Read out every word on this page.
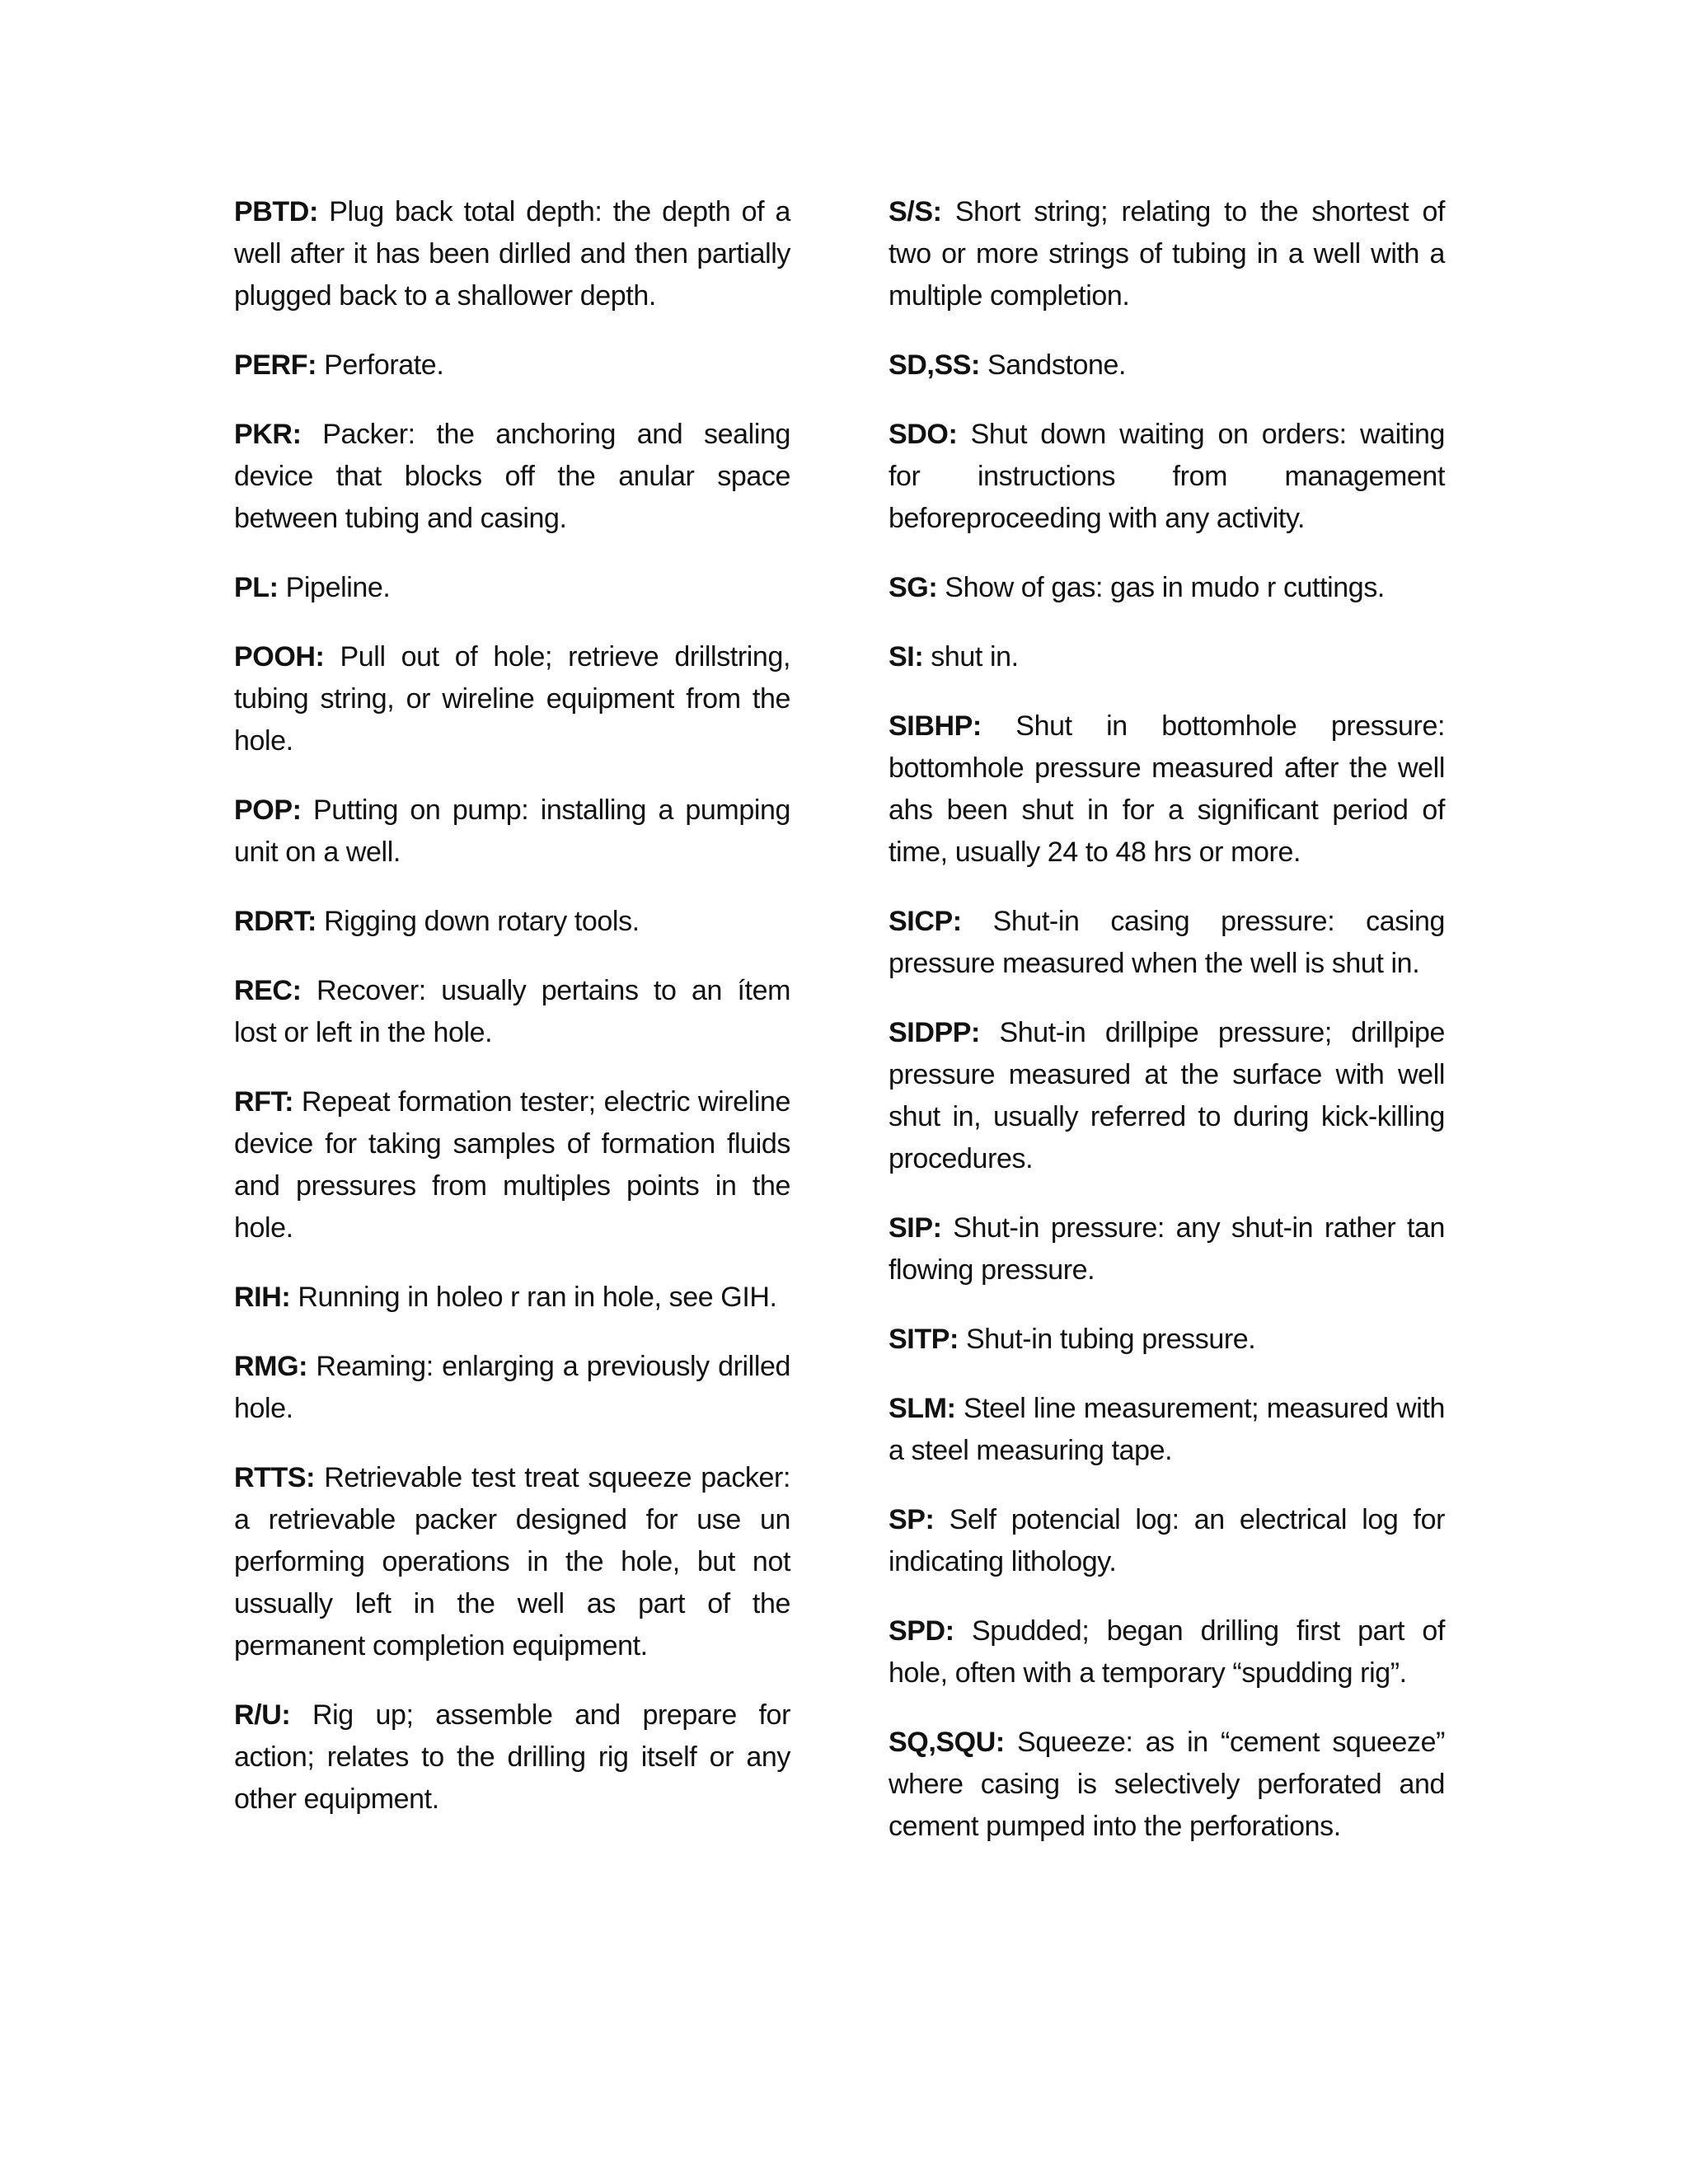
PBTD: Plug back total depth: the depth of a well after it has been dirlled and then partially plugged back to a shallower depth.

PERF: Perforate.

PKR: Packer: the anchoring and sealing device that blocks off the anular space between tubing and casing.

PL: Pipeline.

POOH: Pull out of hole; retrieve drillstring, tubing string, or wireline equipment from the hole.

POP: Putting on pump: installing a pumping unit on a well.

RDRT: Rigging down rotary tools.

REC: Recover: usually pertains to an ítem lost or left in the hole.

RFT: Repeat formation tester; electric wireline device for taking samples of formation fluids and pressures from multiples points in the hole.

RIH: Running in holeo r ran in hole, see GIH.

RMG: Reaming: enlarging a previously drilled hole.

RTTS: Retrievable test treat squeeze packer: a retrievable packer designed for use un performing operations in the hole, but not ussually left in the well as part of the permanent completion equipment.

R/U: Rig up; assemble and prepare for action; relates to the drilling rig itself or any other equipment.

S/S: Short string; relating to the shortest of two or more strings of tubing in a well with a multiple completion.

SD,SS: Sandstone.

SDO: Shut down waiting on orders: waiting for instructions from management beforeproceeding with any activity.

SG: Show of gas: gas in mudo r cuttings.

SI: shut in.

SIBHP: Shut in bottomhole pressure: bottomhole pressure measured after the well ahs been shut in for a significant period of time, usually 24 to 48 hrs or more.

SICP: Shut-in casing pressure: casing pressure measured when the well is shut in.

SIDPP: Shut-in drillpipe pressure; drillpipe pressure measured at the surface with well shut in, usually referred to during kick-killing procedures.

SIP: Shut-in pressure: any shut-in rather tan flowing pressure.

SITP: Shut-in tubing pressure.

SLM: Steel line measurement; measured with a steel measuring tape.

SP: Self potencial log: an electrical log for indicating lithology.

SPD: Spudded; began drilling first part of hole, often with a temporary “spudding rig”.

SQ,SQU: Squeeze: as in “cement squeeze” where casing is selectively perforated and cement pumped into the perforations.
